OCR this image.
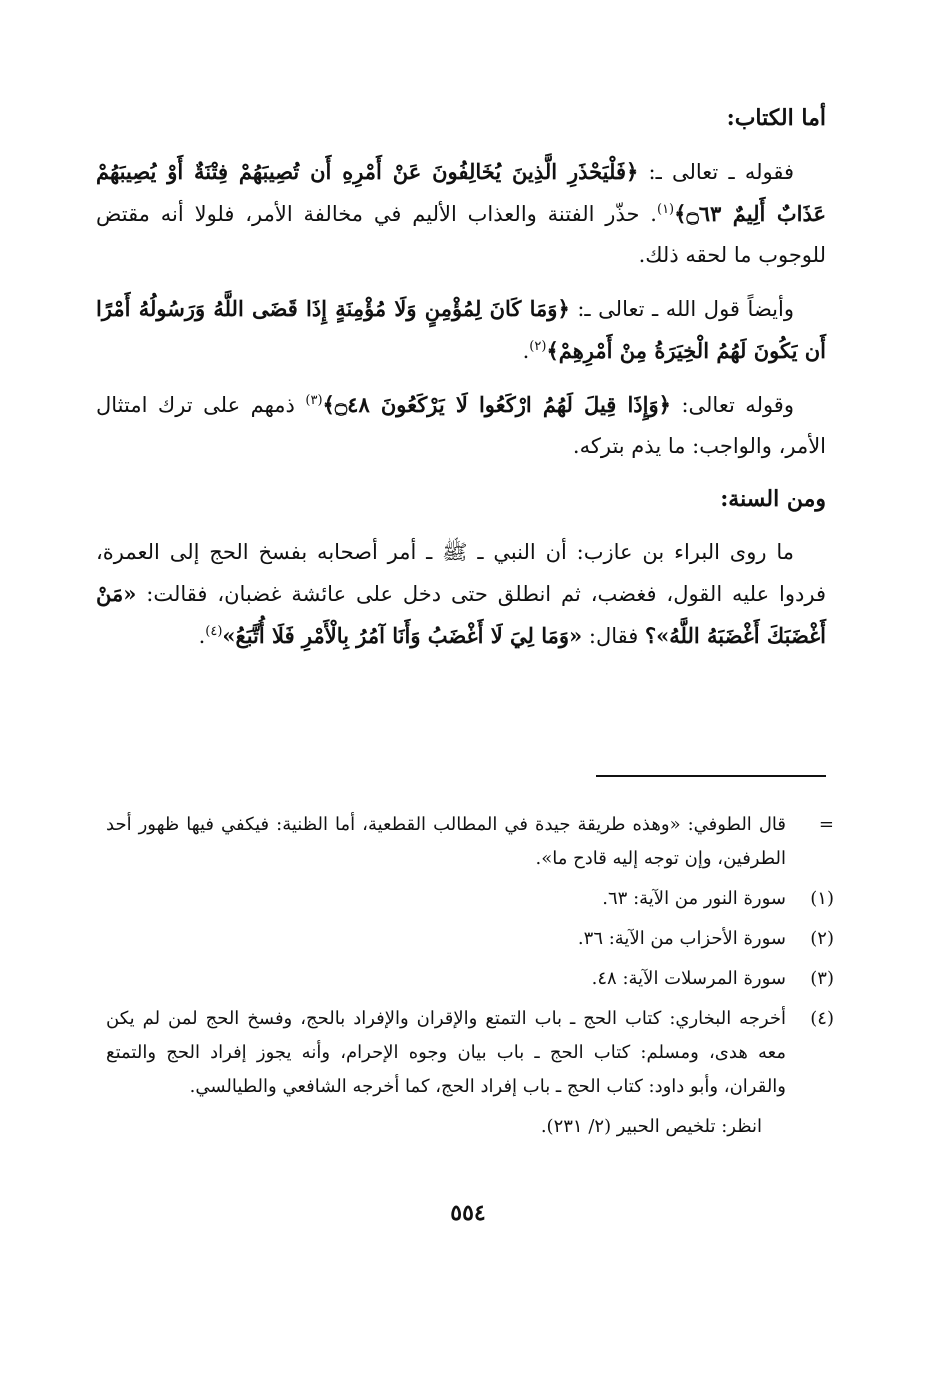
أما الكتاب:

فقوله ـ تعالى ـ: ﴿فَلْيَحْذَرِ الَّذِينَ يُخَالِفُونَ عَنْ أَمْرِهِ أَن تُصِيبَهُمْ فِتْنَةٌ أَوْ يُصِيبَهُمْ عَذَابٌ أَلِيمٌ ۝٦٣﴾$^{(١)}$. حذّر الفتنة والعذاب الأليم في مخالفة الأمر، فلولا أنه مقتض للوجوب ما لحقه ذلك.

وأيضاً قول الله ـ تعالى ـ: ﴿وَمَا كَانَ لِمُؤْمِنٍ وَلَا مُؤْمِنَةٍ إِذَا قَضَى اللَّهُ وَرَسُولُهُ أَمْرًا أَن يَكُونَ لَهُمُ الْخِيَرَةُ مِنْ أَمْرِهِمْ﴾$^{(٢)}$.

وقوله تعالى: ﴿وَإِذَا قِيلَ لَهُمُ ارْكَعُوا لَا يَرْكَعُونَ ۝٤٨﴾$^{(٣)}$ ذمهم على ترك امتثال الأمر، والواجب: ما يذم بتركه.

ومن السنة:

ما روى البراء بن عازب: أن النبي ـ ﷺ ـ أمر أصحابه بفسخ الحج إلى العمرة، فردوا عليه القول، فغضب، ثم انطلق حتى دخل على عائشة غضبان، فقالت: «مَنْ أَغْضَبَكَ أَغْضَبَهُ اللَّهُ»؟ فقال: «وَمَا لِيَ لَا أَغْضَبُ وَأَنَا آمُرُ بِالْأَمْرِ فَلَا أُتَّبَعُ»$^{(٤)}$.

=
قال الطوفي: «وهذه طريقة جيدة في المطالب القطعية، أما الظنية: فيكفي فيها ظهور أحد الطرفين، وإن توجه إليه قادح ما».
(١)
سورة النور من الآية: ٦٣.
(٢)
سورة الأحزاب من الآية: ٣٦.
(٣)
سورة المرسلات الآية: ٤٨.
(٤)
أخرجه البخاري: كتاب الحج ـ باب التمتع والإقران والإفراد بالحج، وفسخ الحج لمن لم يكن معه هدى، ومسلم: كتاب الحج ـ باب بيان وجوه الإحرام، وأنه يجوز إفراد الحج والتمتع والقران، وأبو داود: كتاب الحج ـ باب إفراد الحج، كما أخرجه الشافعي والطيالسي.
انظر: تلخيص الحبير (٢/ ٢٣١).
٥٥٤
